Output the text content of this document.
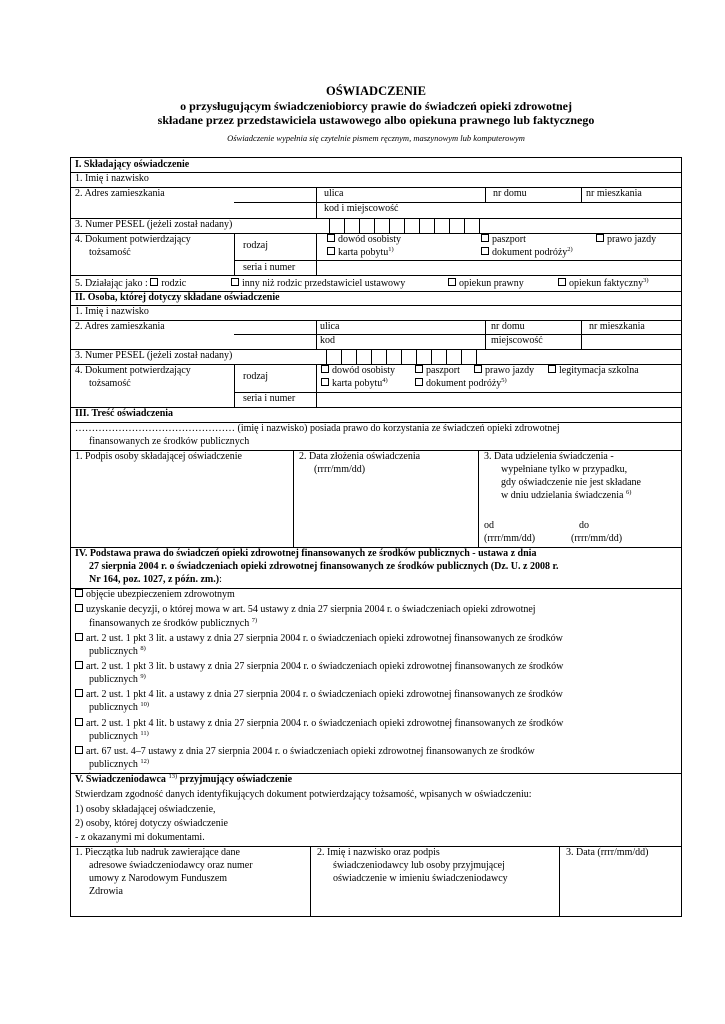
OŚWIADCZENIE
o przysługującym świadczeniobiorcy prawie do świadczeń opieki zdrowotnej
składane przez przedstawiciela ustawowego albo opiekuna prawnego lub faktycznego
Oświadczenie wypełnia się czytelnie pismem ręcznym, maszynowym lub komputerowym
I. Składający oświadczenie
1. Imię i nazwisko
2. Adres zamieszkania	ulica	nr domu	nr mieszkania
kod i miejscowość
3. Numer PESEL (jeżeli został nadany)
4. Dokument potwierdzający
tożsamość
rodzaj
dowód osobisty	paszport	prawo jazdy
karta pobytu$^{1)}$	dokument podróży$^{2)}$
seria i numer
5. Działając jako : rodzic	inny niż rodzic przedstawiciel ustawowy	opiekun prawny	opiekun faktyczny$^{3)}$
II. Osoba, której dotyczy składane oświadczenie
1. Imię i nazwisko
2. Adres zamieszkania	ulica	nr domu	nr mieszkania
kod	miejscowość
3. Numer PESEL (jeżeli został nadany)
4. Dokument potwierdzający
tożsamość
rodzaj
dowód osobisty	paszport	prawo jazdy	legitymacja szkolna
karta pobytu$^{4)}$	dokument podróży$^{5)}$
seria i numer
III. Treść oświadczenia
………………………………………… (imię i nazwisko) posiada prawo do korzystania ze świadczeń opieki zdrowotnej
finansowanych ze środków publicznych
1. Podpis osoby składającej oświadczenie	2. Data złożenia oświadczenia
(rrrr/mm/dd)
3. Data udzielenia świadczenia -
wypełniane tylko w przypadku,
gdy oświadczenie nie jest składane
w dniu udzielania świadczenia $^{6)}$
od	do
(rrrr/mm/dd)	(rrrr/mm/dd)
IV. Podstawa prawa do świadczeń opieki zdrowotnej finansowanych ze środków publicznych - ustawa z dnia
27 sierpnia 2004 r. o świadczeniach opieki zdrowotnej finansowanych ze środków publicznych (Dz. U. z 2008 r.
Nr 164, poz. 1027, z późn. zm.):
objęcie ubezpieczeniem zdrowotnym
uzyskanie decyzji, o której mowa w art. 54 ustawy z dnia 27 sierpnia 2004 r. o świadczeniach opieki zdrowotnej
finansowanych ze środków publicznych $^{7)}$
art. 2 ust. 1 pkt 3 lit. a ustawy z dnia 27 sierpnia 2004 r. o świadczeniach opieki zdrowotnej finansowanych ze środków
publicznych $^{8)}$
art. 2 ust. 1 pkt 3 lit. b ustawy z dnia 27 sierpnia 2004 r. o świadczeniach opieki zdrowotnej finansowanych ze środków
publicznych $^{9)}$
art. 2 ust. 1 pkt 4 lit. a ustawy z dnia 27 sierpnia 2004 r. o świadczeniach opieki zdrowotnej finansowanych ze środków
publicznych $^{10)}$
art. 2 ust. 1 pkt 4 lit. b ustawy z dnia 27 sierpnia 2004 r. o świadczeniach opieki zdrowotnej finansowanych ze środków
publicznych $^{11)}$
art. 67 ust. 4–7 ustawy z dnia 27 sierpnia 2004 r. o świadczeniach opieki zdrowotnej finansowanych ze środków
publicznych $^{12)}$
V. Świadczeniodawca $^{13)}$ przyjmujący oświadczenie
Stwierdzam zgodność danych identyfikujących dokument potwierdzający tożsamość, wpisanych w oświadczeniu:
1) osoby składającej oświadczenie,
2) osoby, której dotyczy oświadczenie
- z okazanymi mi dokumentami.
1. Pieczątka lub nadruk zawierające dane
adresowe świadczeniodawcy oraz numer
umowy z Narodowym Funduszem
Zdrowia
2. Imię i nazwisko oraz podpis
świadczeniodawcy lub osoby przyjmującej
oświadczenie w imieniu świadczeniodawcy
3. Data (rrrr/mm/dd)
